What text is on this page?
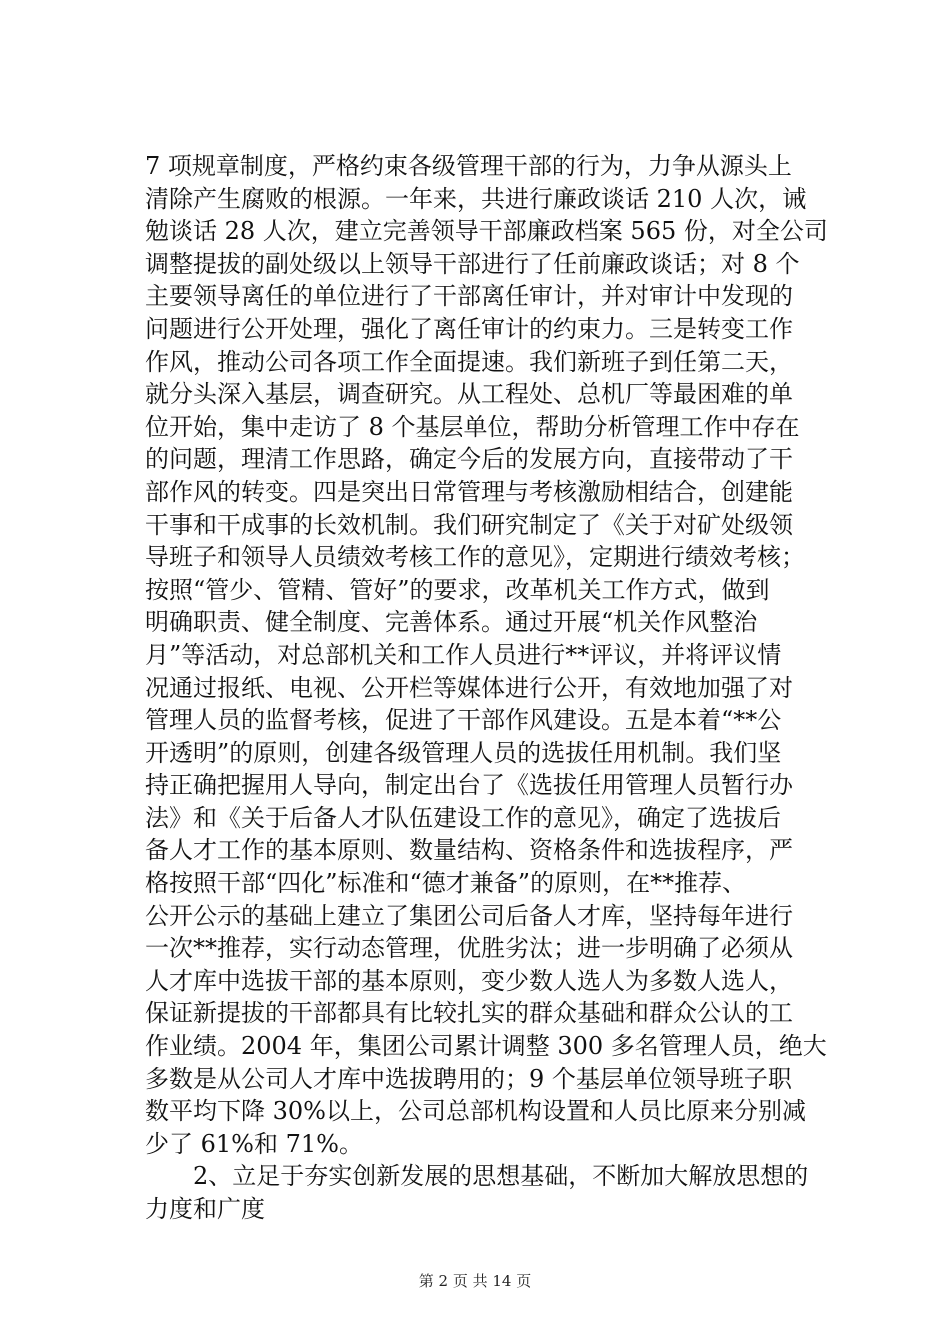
7 项规章制度，严格约束各级管理干部的行为，力争从源头上
清除产生腐败的根源。一年来，共进行廉政谈话 210 人次，诫
勉谈话 28 人次，建立完善领导干部廉政档案 565 份，对全公司
调整提拔的副处级以上领导干部进行了任前廉政谈话；对 8 个
主要领导离任的单位进行了干部离任审计，并对审计中发现的
问题进行公开处理，强化了离任审计的约束力。三是转变工作
作风，推动公司各项工作全面提速。我们新班子到任第二天，
就分头深入基层，调查研究。从工程处、总机厂等最困难的单
位开始，集中走访了 8 个基层单位，帮助分析管理工作中存在
的问题，理清工作思路，确定今后的发展方向，直接带动了干
部作风的转变。四是突出日常管理与考核激励相结合，创建能
干事和干成事的长效机制。我们研究制定了《关于对矿处级领
导班子和领导人员绩效考核工作的意见》，定期进行绩效考核；
按照“管少、管精、管好”的要求，改革机关工作方式，做到
明确职责、健全制度、完善体系。通过开展“机关作风整治
月”等活动，对总部机关和工作人员进行**评议，并将评议情
况通过报纸、电视、公开栏等媒体进行公开，有效地加强了对
管理人员的监督考核，促进了干部作风建设。五是本着“**公
开透明”的原则，创建各级管理人员的选拔任用机制。我们坚
持正确把握用人导向，制定出台了《选拔任用管理人员暂行办
法》和《关于后备人才队伍建设工作的意见》，确定了选拔后
备人才工作的基本原则、数量结构、资格条件和选拔程序，严
格按照干部“四化”标准和“德才兼备”的原则，在**推荐、
公开公示的基础上建立了集团公司后备人才库，坚持每年进行
一次**推荐，实行动态管理，优胜劣汰；进一步明确了必须从
人才库中选拔干部的基本原则，变少数人选人为多数人选人，
保证新提拔的干部都具有比较扎实的群众基础和群众公认的工
作业绩。2004 年，集团公司累计调整 300 多名管理人员，绝大
多数是从公司人才库中选拔聘用的；9 个基层单位领导班子职
数平均下降 30%以上，公司总部机构设置和人员比原来分别减
少了 61%和 71%。
　　2、立足于夯实创新发展的思想基础，不断加大解放思想的
力度和广度
第 2 页 共 14 页
